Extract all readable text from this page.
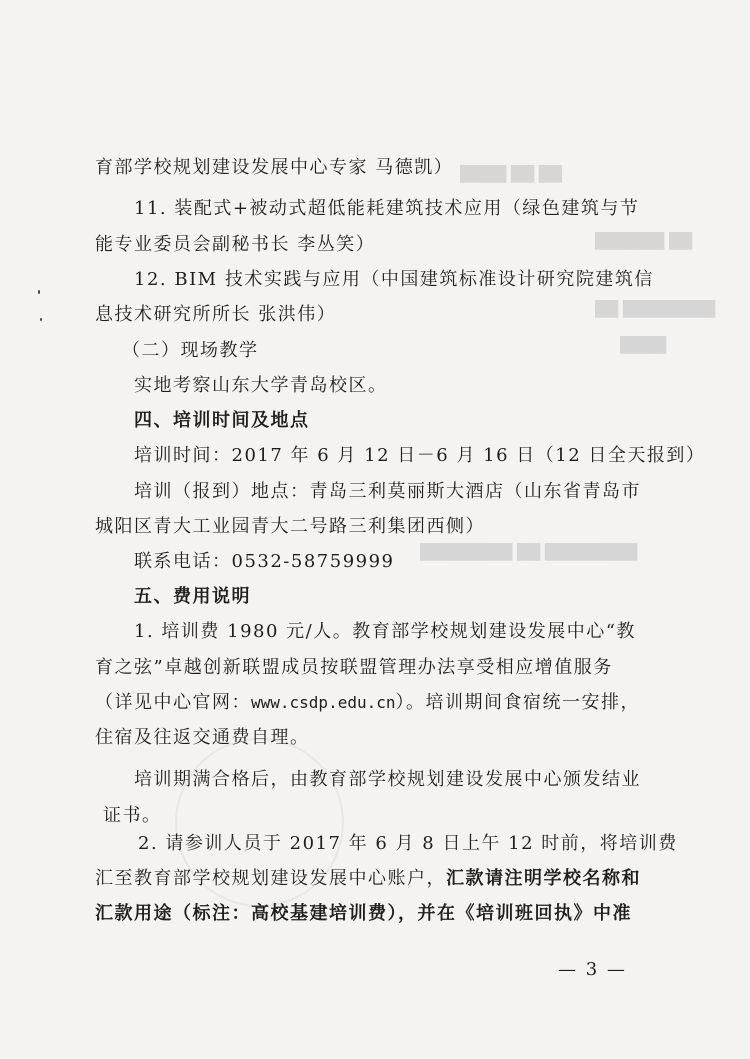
████ ██ ██
██████ ██
██ ████████
████
████████ ██ ████████
育部学校规划建设发展中心专家 马德凯）
11. 装配式+被动式超低能耗建筑技术应用（绿色建筑与节
能专业委员会副秘书长 李丛笑）
12. BIM 技术实践与应用（中国建筑标准设计研究院建筑信
息技术研究所所长 张洪伟）
（二）现场教学
实地考察山东大学青岛校区。
四、培训时间及地点
培训时间：2017 年 6 月 12 日－6 月 16 日（12 日全天报到）
培训（报到）地点：青岛三利莫丽斯大酒店（山东省青岛市
城阳区青大工业园青大二号路三利集团西侧）
联系电话：0532-58759999
五、费用说明
1. 培训费 1980 元/人。教育部学校规划建设发展中心“教
育之弦”卓越创新联盟成员按联盟管理办法享受相应增值服务
（详见中心官网：www.csdp.edu.cn）。培训期间食宿统一安排，
住宿及往返交通费自理。
培训期满合格后，由教育部学校规划建设发展中心颁发结业
证书。
2. 请参训人员于 2017 年 6 月 8 日上午 12 时前，将培训费
汇至教育部学校规划建设发展中心账户，汇款请注明学校名称和
汇款用途（标注：高校基建培训费），并在《培训班回执》中准
— 3 —
